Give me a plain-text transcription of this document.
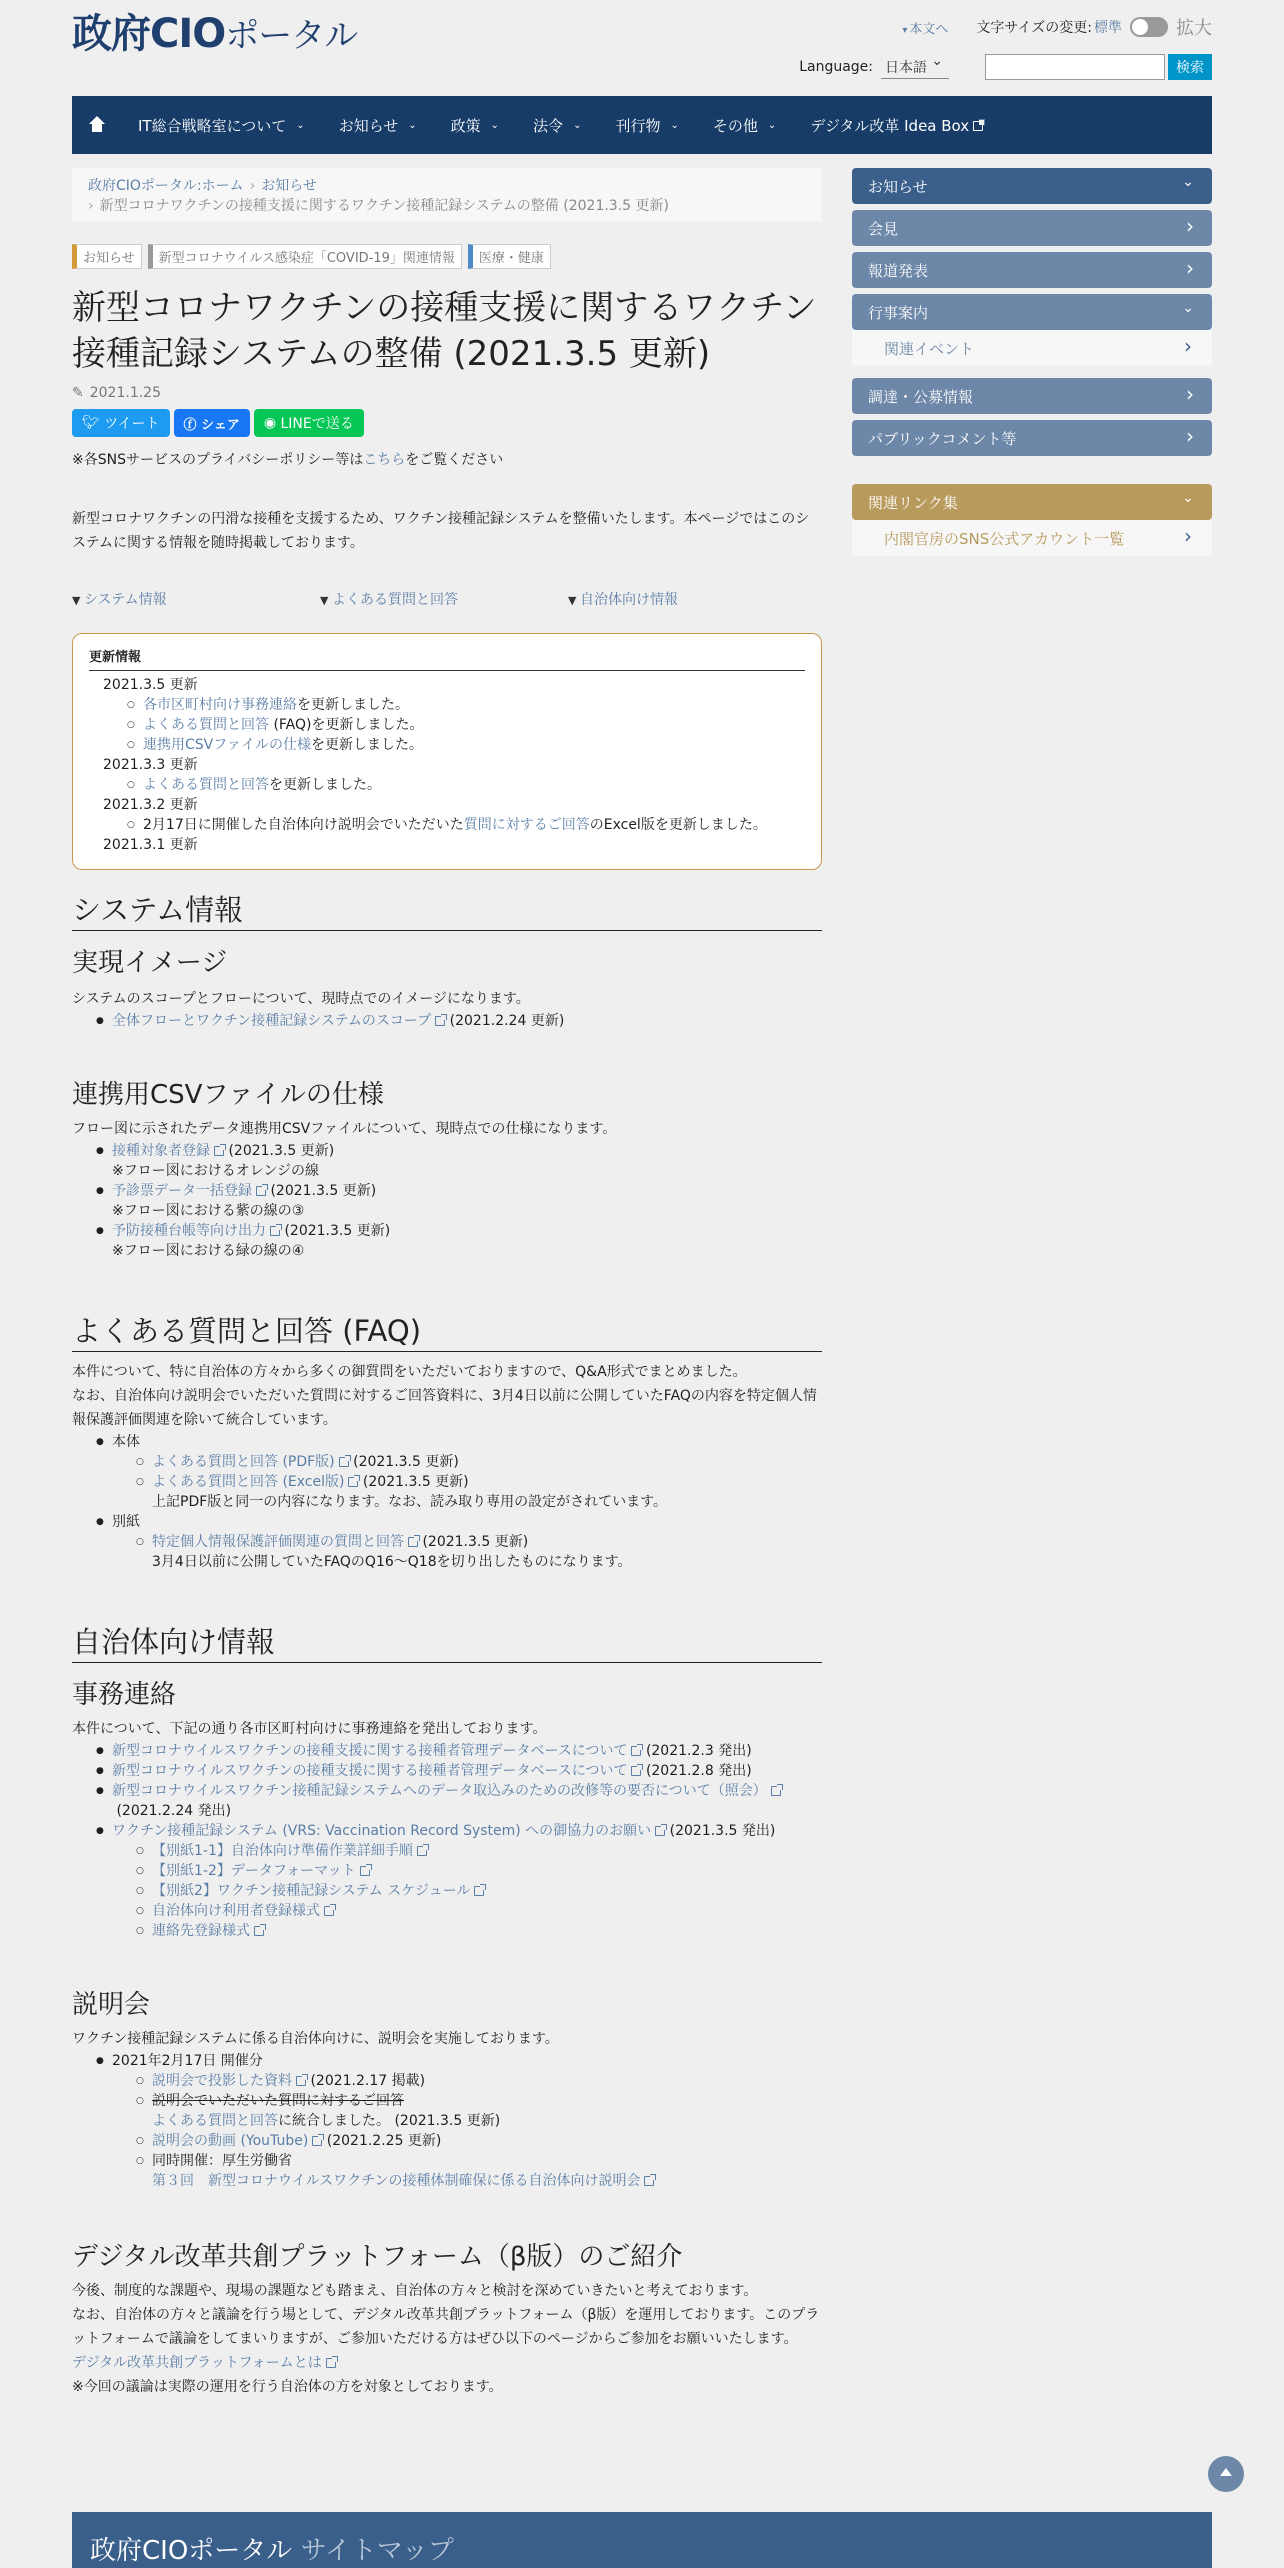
政府CIOポータル	▾ 本文へ 文字サイズの変更: 標準	拡大
Language: 日本語 ⌄	検索
IT総合戦略室について ⌄ お知らせ ⌄ 政策 ⌄ 法令 ⌄ 刊行物 ⌄ その他 ⌄ デジタル改革 Idea Box
政府CIOポータル:ホーム › お知らせ
› 新型コロナワクチンの接種支援に関するワクチン接種記録システムの整備 (2021.3.5 更新)
お知らせ 新型コロナウイルス感染症「COVID-19」関連情報 医療・健康
新型コロナワクチンの接種支援に関するワクチン接種記録システムの整備 (2021.3.5 更新)
✎ 2021.1.25
🐦︎ ツイート ⓕ シェア ◉ LINEで送る
※各SNSサービスのプライバシーポリシー等はこちらをご覧ください
新型コロナワクチンの円滑な接種を支援するため、ワクチン接種記録システムを整備いたします。本ページではこのシステムに関する情報を随時掲載しております。
▼ システム情報	▼ よくある質問と回答	▼ 自治体向け情報
更新情報
2021.3.5 更新
○ 各市区町村向け事務連絡を更新しました。
○ よくある質問と回答 (FAQ)を更新しました。
○ 連携用CSVファイルの仕様を更新しました。
2021.3.3 更新
○ よくある質問と回答を更新しました。
2021.3.2 更新
○ 2月17日に開催した自治体向け説明会でいただいた質問に対するご回答のExcel版を更新しました。
2021.3.1 更新
システム情報
実現イメージ

システムのスコープとフローについて、現時点でのイメージになります。

● 全体フローとワクチン接種記録システムのスコープ (2021.2.24 更新)
連携用CSVファイルの仕様

フロー図に示されたデータ連携用CSVファイルについて、現時点での仕様になります。

● 接種対象者登録 (2021.3.5 更新)
※フロー図におけるオレンジの線
● 予診票データ一括登録 (2021.3.5 更新)
※フロー図における紫の線の③
● 予防接種台帳等向け出力 (2021.3.5 更新)
※フロー図における緑の線の④
よくある質問と回答 (FAQ)

本件について、特に自治体の方々から多くの御質問をいただいておりますので、Q&A形式でまとめました。

なお、自治体向け説明会でいただいた質問に対するご回答資料に、3月4日以前に公開していたFAQの内容を特定個人情報保護評価関連を除いて統合しています。

● 本体
○ よくある質問と回答 (PDF版) (2021.3.5 更新)
○ よくある質問と回答 (Excel版) (2021.3.5 更新)
上記PDF版と同一の内容になります。なお、読み取り専用の設定がされています。
● 別紙
○ 特定個人情報保護評価関連の質問と回答 (2021.3.5 更新)
3月4日以前に公開していたFAQのQ16～Q18を切り出したものになります。
自治体向け情報
事務連絡

本件について、下記の通り各市区町村向けに事務連絡を発出しております。

● 新型コロナウイルスワクチンの接種支援に関する接種者管理データベースについて (2021.2.3 発出)
● 新型コロナウイルスワクチンの接種支援に関する接種者管理データベースについて (2021.2.8 発出)
● 新型コロナウイルスワクチン接種記録システムへのデータ取込みのための改修等の要否について（照会）
(2021.2.24 発出)
● ワクチン接種記録システム (VRS: Vaccination Record System) への御協力のお願い (2021.3.5 発出)
○ 【別紙1-1】自治体向け準備作業詳細手順
○ 【別紙1-2】データフォーマット
○ 【別紙2】ワクチン接種記録システム スケジュール
○ 自治体向け利用者登録様式
○ 連絡先登録様式
説明会

ワクチン接種記録システムに係る自治体向けに、説明会を実施しております。

● 2021年2月17日 開催分
○ 説明会で投影した資料 (2021.2.17 掲載)
○ 説明会でいただいた質問に対するご回答
よくある質問と回答に統合しました。 (2021.3.5 更新)
○ 説明会の動画 (YouTube) (2021.2.25 更新)
○ 同時開催：厚生労働省
第３回　新型コロナウイルスワクチンの接種体制確保に係る自治体向け説明会
デジタル改革共創プラットフォーム（β版）のご紹介

今後、制度的な課題や、現場の課題なども踏まえ、自治体の方々と検討を深めていきたいと考えております。

なお、自治体の方々と議論を行う場として、デジタル改革共創プラットフォーム（β版）を運用しております。このプラットフォームで議論をしてまいりますが、ご参加いただける方はぜひ以下のページからご参加をお願いいたします。

デジタル改革共創プラットフォームとは

※今回の議論は実際の運用を行う自治体の方を対象としております。

お知らせ ⌄
会見 ›
報道発表 ›
行事案内 ⌄
関連イベント ›
調達・公募情報 ›
パブリックコメント等 ›
関連リンク集 ⌄
内閣官房のSNS公式アカウント一覧
›
政府CIOポータル サイトマップ
